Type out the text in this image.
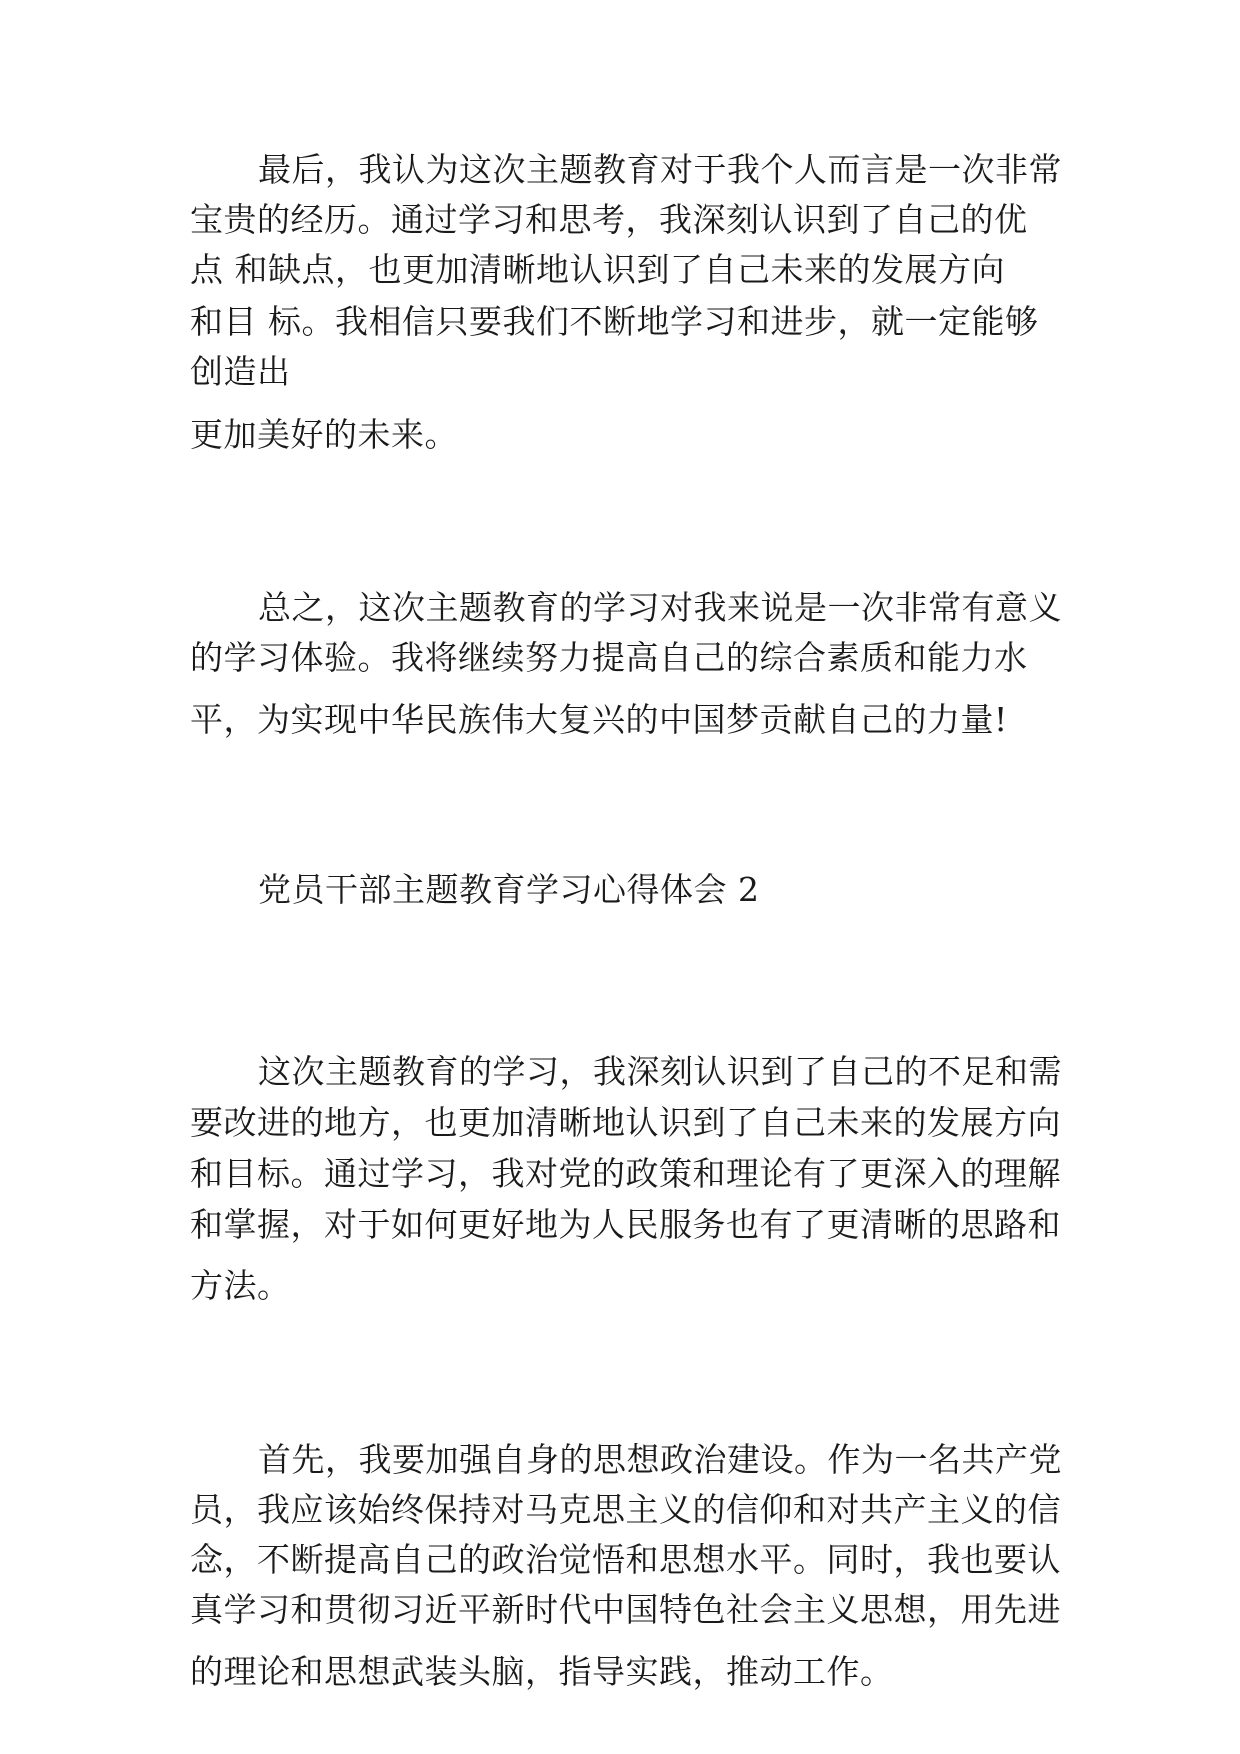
最后，我认为这次主题教育对于我个人而言是一次非常
宝贵的经历。通过学习和思考，我深刻认识到了自己的优
点 和缺点，也更加清晰地认识到了自己未来的发展方向
和目 标。我相信只要我们不断地学习和进步，就一定能够
创造出
更加美好的未来。
总之，这次主题教育的学习对我来说是一次非常有意义
的学习体验。我将继续努力提高自己的综合素质和能力水
平，为实现中华民族伟大复兴的中国梦贡献自己的力量!
党员干部主题教育学习心得体会 2
这次主题教育的学习，我深刻认识到了自己的不足和需
要改进的地方，也更加清晰地认识到了自己未来的发展方向
和目标。通过学习，我对党的政策和理论有了更深入的理解
和掌握，对于如何更好地为人民服务也有了更清晰的思路和
方法。
首先，我要加强自身的思想政治建设。作为一名共产党
员，我应该始终保持对马克思主义的信仰和对共产主义的信
念，不断提高自己的政治觉悟和思想水平。同时，我也要认
真学习和贯彻习近平新时代中国特色社会主义思想，用先进
的理论和思想武装头脑，指导实践，推动工作。
